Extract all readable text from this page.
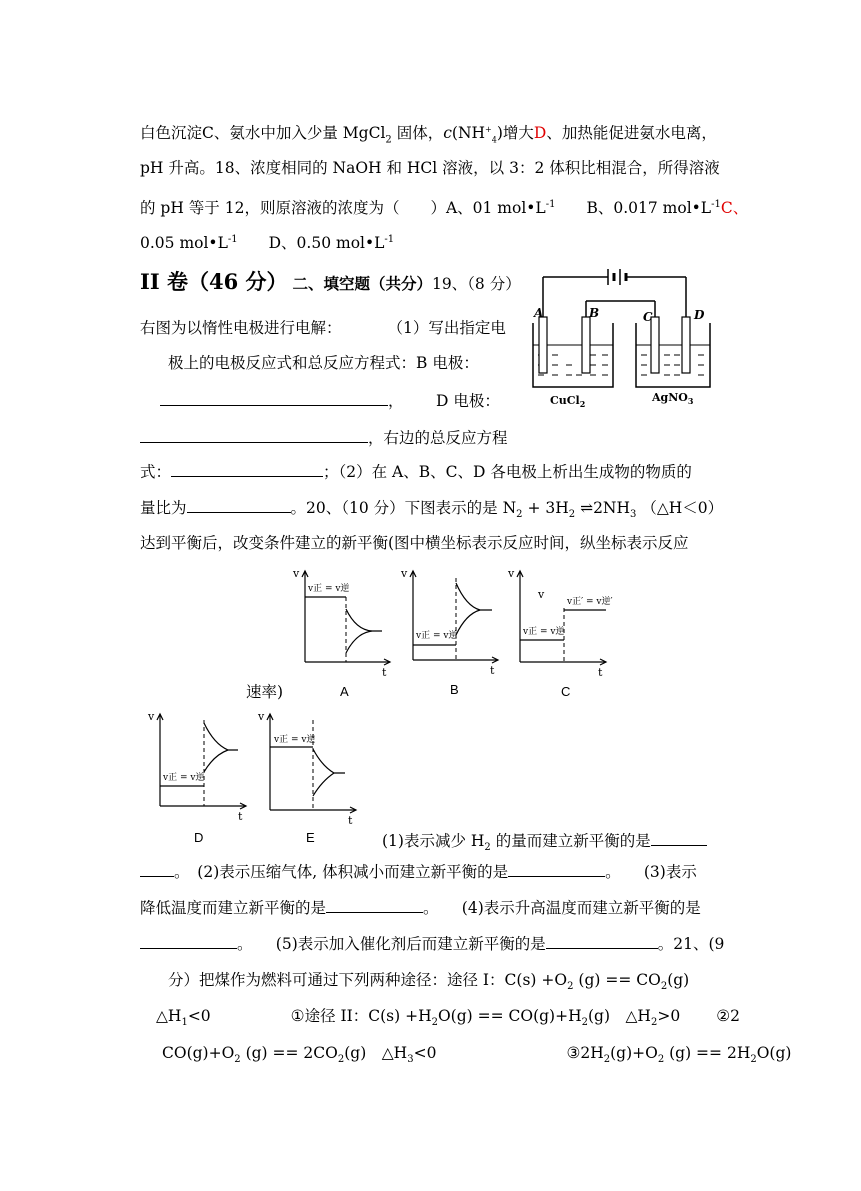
白色沉淀C、氨水中加入少量 MgCl$_2$ 固体，$c(NH^+_4)$增大D、加热能促进氨水电离，
pH 升高。18、浓度相同的 NaOH 和 HCl 溶液，以 3：2 体积比相混合，所得溶液
的 pH 等于 12，则原溶液的浓度为（　　）A、01 $mol•L^{-1}$　　B、0.017 $mol•L^{-1}C$、
0.05 $mol•L^{-1}$　　D、0.50 $mol•L^{-1}$
II 卷（46 分） 二、填空题（共分）19、（8 分）
右图为以惰性电极进行电解：	（1）写出指定电
极上的电极反应式和总反应方程式：B 电极：
， D 电极：
，右边的总反应方程
式：	；（2）在 A、B、C、D 各电极上析出生成物的物质的
量比为	。20、（10 分）下图表示的是 $N_2 + 3H_2$ $\rightleftharpoons 2NH_3$ （△H＜0）
达到平衡后，改变条件建立的新平衡(图中横坐标表示反应时间，纵坐标表示反应
速率)
A	B	C	D
CuCl$_2$	AgNO$_3$
v
t
v正 = v逆
v
t
v正 = v逆
v
t
v正 = v逆
v
v正′ = v逆′
v
t
v正 = v逆
v
t
v正 = v逆
A	B	C
D	E	(1)表示减少 $H_2$ 的量而建立新平衡的是
。　 (2)表示压缩气体, 体积减小而建立新平衡的是	。　　 (3)表示
降低温度而建立新平衡的是	。　　 (4)表示升高温度而建立新平衡的是
。　　 (5)表示加入催化剂后而建立新平衡的是	。21、(9
分）把煤作为燃料可通过下列两种途径：途径 I：$C(s) +O_2$ $(g) == CO_2(g)$
$\triangle H_1<0$	①途径 II：$C(s) +H_2O(g) == CO(g)+H_2(g)$　$\triangle H_2>0$ ②2
$CO(g)+O_2$ $(g) == 2CO_2(g)$　$\triangle H_3<0$	$③2H_2(g)+O_2$ $(g) == 2H_2O(g)$
